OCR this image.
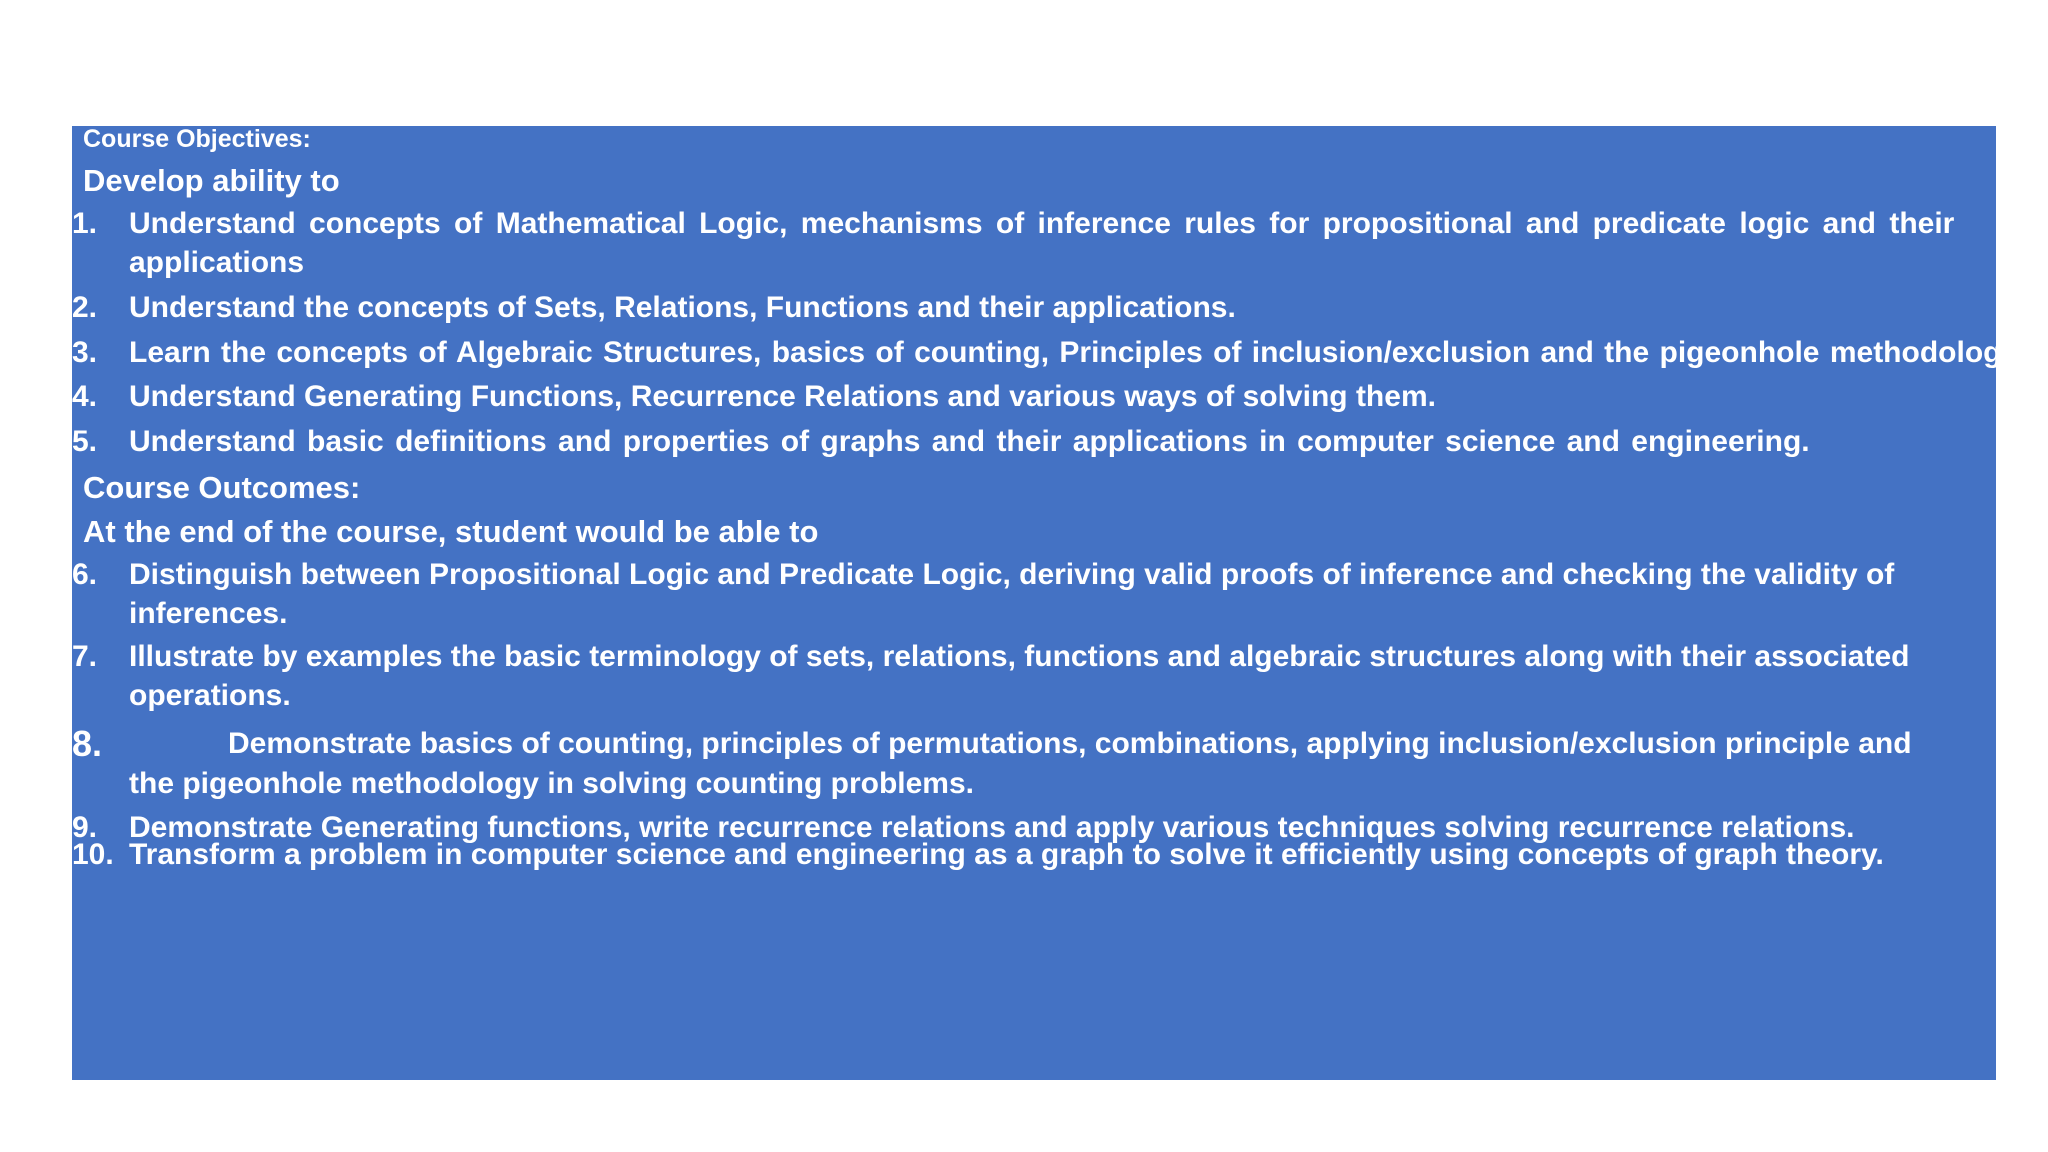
Course Objectives:
Develop ability to
1. Understand concepts of Mathematical Logic, mechanisms of inference rules for propositional and predicate logic and their
applications
2. Understand the concepts of Sets, Relations, Functions and their applications.
3. Learn the concepts of Algebraic Structures, basics of counting, Principles of inclusion/exclusion and the pigeonhole methodology.
4. Understand Generating Functions, Recurrence Relations and various ways of solving them.
5. Understand basic definitions and properties of graphs and their applications in computer science and engineering.
Course Outcomes:
At the end of the course, student would be able to
6. Distinguish between Propositional Logic and Predicate Logic, deriving valid proofs of inference and checking the validity of
inferences.
7. Illustrate by examples the basic terminology of sets, relations, functions and algebraic structures along with their associated
operations.
8.	Demonstrate basics of counting, principles of permutations, combinations, applying inclusion/exclusion principle and
the pigeonhole methodology in solving counting problems.
9. Demonstrate Generating functions, write recurrence relations and apply various techniques solving recurrence relations.
10. Transform a problem in computer science and engineering as a graph to solve it efficiently using concepts of graph theory.
